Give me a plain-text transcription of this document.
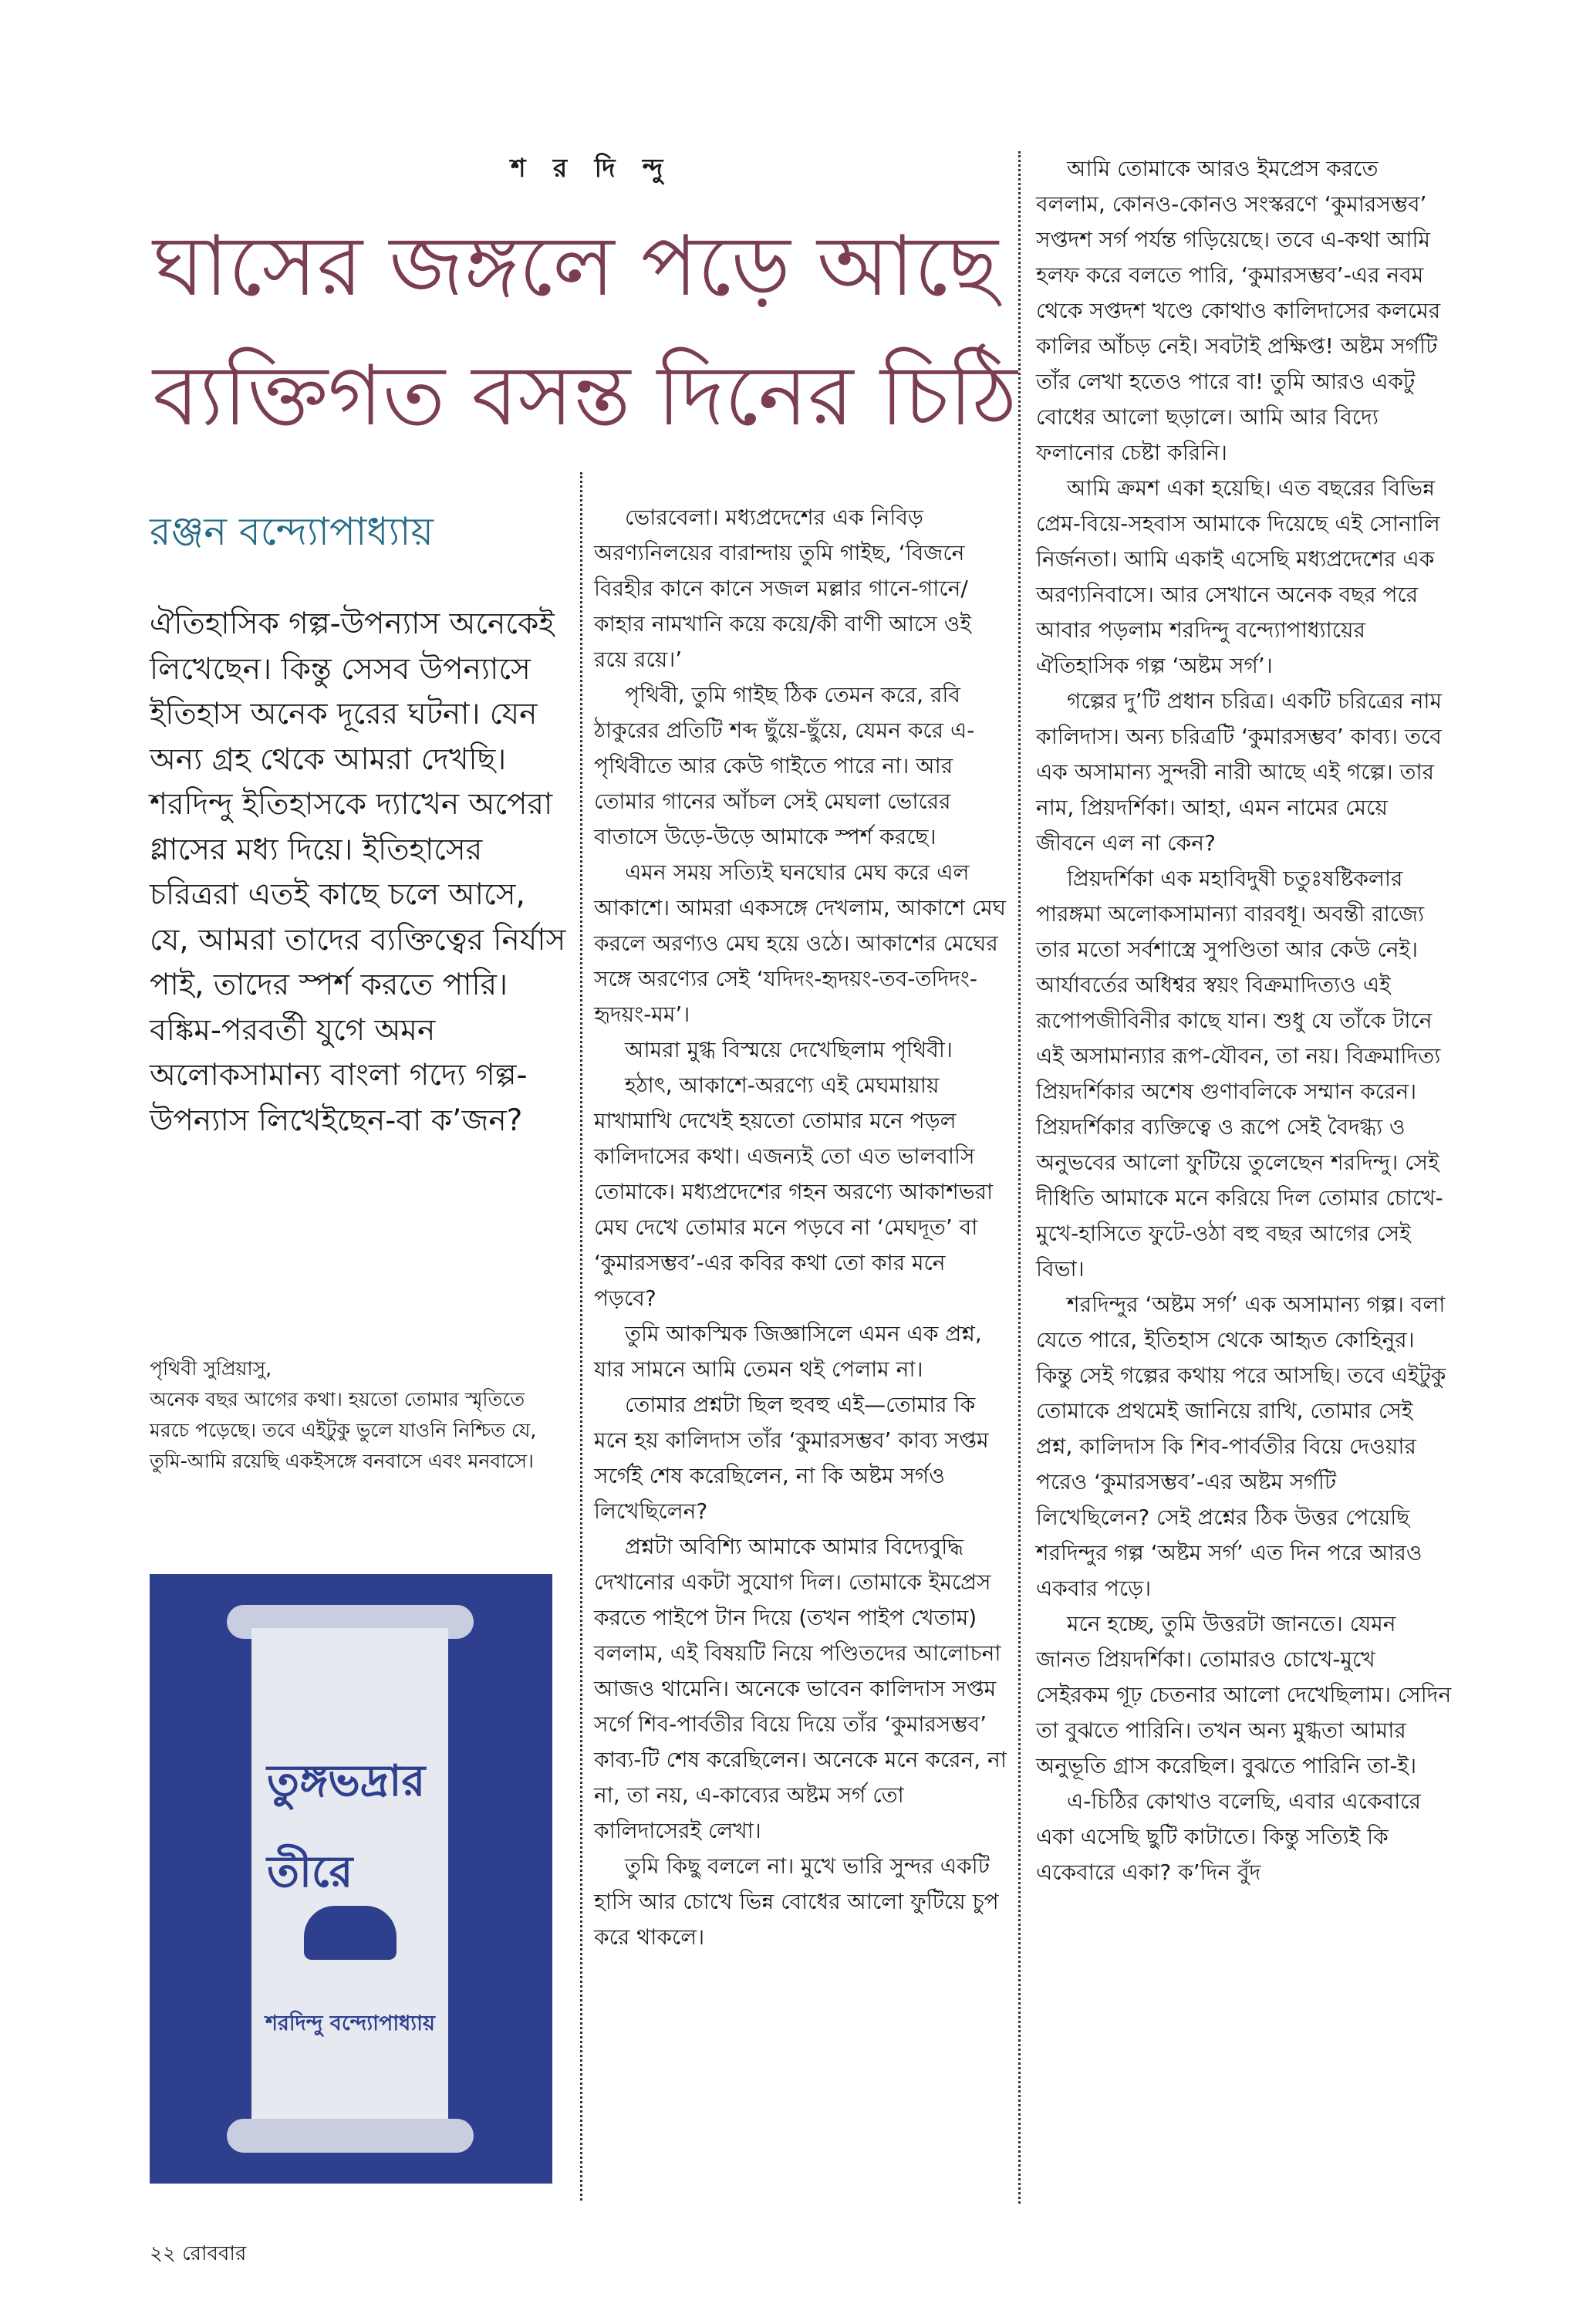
শ র দি ন্দু
ঘাসের জঙ্গলে পড়ে আছে
ব্যক্তিগত বসন্ত দিনের চিঠি
রঞ্জন বন্দ্যোপাধ্যায়

ঐতিহাসিক গল্প-উপন্যাস অনেকেই লিখেছেন। কিন্তু সেসব উপন্যাসে ইতিহাস অনেক দূরের ঘটনা। যেন অন্য গ্রহ থেকে আমরা দেখছি। শরদিন্দু ইতিহাসকে দ্যাখেন অপেরা গ্লাসের মধ্য দিয়ে। ইতিহাসের চরিত্ররা এতই কাছে চলে আসে, যে, আমরা তাদের ব্যক্তিত্বের নির্যাস পাই, তাদের স্পর্শ করতে পারি। বঙ্কিম-পরবর্তী যুগে অমন অলোকসামান্য বাংলা গদ্যে গল্প-উপন্যাস লিখেইছেন-বা ক’জন?

পৃথিবী সুপ্রিয়াসু,

অনেক বছর আগের কথা। হয়তো তোমার স্মৃতিতে মরচে পড়েছে। তবে এইটুকু ভুলে যাওনি নিশ্চিত যে, তুমি-আমি রয়েছি একইসঙ্গে বনবাসে এবং মনবাসে।

তুঙ্গভদ্রার তীরে
শরদিন্দু বন্দ্যোপাধ্যায়

ভোরবেলা। মধ্যপ্রদেশের এক নিবিড় অরণ্যনিলয়ের বারান্দায় তুমি গাইছ, ‘বিজনে বিরহীর কানে কানে সজল মল্লার গানে-গানে/কাহার নামখানি কয়ে কয়ে/কী বাণী আসে ওই রয়ে রয়ে।’

পৃথিবী, তুমি গাইছ ঠিক তেমন করে, রবি ঠাকুরের প্রতিটি শব্দ ছুঁয়ে-ছুঁয়ে, যেমন করে এ-পৃথিবীতে আর কেউ গাইতে পারে না। আর তোমার গানের আঁচল সেই মেঘলা ভোরের বাতাসে উড়ে-উড়ে আমাকে স্পর্শ করছে।

এমন সময় সত্যিই ঘনঘোর মেঘ করে এল আকাশে। আমরা একসঙ্গে দেখলাম, আকাশে মেঘ করলে অরণ্যও মেঘ হয়ে ওঠে। আকাশের মেঘের সঙ্গে অরণ্যের সেই ‘যদিদং-হৃদয়ং-তব-তদিদং-হৃদয়ং-মম’।

আমরা মুগ্ধ বিস্ময়ে দেখেছিলাম পৃথিবী।

হঠাৎ, আকাশে-অরণ্যে এই মেঘমায়ায় মাখামাখি দেখেই হয়তো তোমার মনে পড়ল কালিদাসের কথা। এজন্যই তো এত ভালবাসি তোমাকে। মধ্যপ্রদেশের গহন অরণ্যে আকাশভরা মেঘ দেখে তোমার মনে পড়বে না ‘মেঘদূত’ বা ‘কুমারসম্ভব’-এর কবির কথা তো কার মনে পড়বে?

তুমি আকস্মিক জিজ্ঞাসিলে এমন এক প্রশ্ন, যার সামনে আমি তেমন থই পেলাম না।

তোমার প্রশ্নটা ছিল হুবহু এই—তোমার কি মনে হয় কালিদাস তাঁর ‘কুমারসম্ভব’ কাব্য সপ্তম সর্গেই শেষ করেছিলেন, না কি অষ্টম সর্গও লিখেছিলেন?

প্রশ্নটা অবিশ্যি আমাকে আমার বিদ্যেবুদ্ধি দেখানোর একটা সুযোগ দিল। তোমাকে ইমপ্রেস করতে পাইপে টান দিয়ে (তখন পাইপ খেতাম) বললাম, এই বিষয়টি নিয়ে পণ্ডিতদের আলোচনা আজও থামেনি। অনেকে ভাবেন কালিদাস সপ্তম সর্গে শিব-পার্বতীর বিয়ে দিয়ে তাঁর ‘কুমারসম্ভব’ কাব্য-টি শেষ করেছিলেন। অনেকে মনে করেন, না না, তা নয়, এ-কাব্যের অষ্টম সর্গ তো কালিদাসেরই লেখা।

তুমি কিছু বললে না। মুখে ভারি সুন্দর একটি হাসি আর চোখে ভিন্ন বোধের আলো ফুটিয়ে চুপ করে থাকলে।

আমি তোমাকে আরও ইমপ্রেস করতে বললাম, কোনও-কোনও সংস্করণে ‘কুমারসম্ভব’ সপ্তদশ সর্গ পর্যন্ত গড়িয়েছে। তবে এ-কথা আমি হলফ করে বলতে পারি, ‘কুমারসম্ভব’-এর নবম থেকে সপ্তদশ খণ্ডে কোথাও কালিদাসের কলমের কালির আঁচড় নেই। সবটাই প্রক্ষিপ্ত! অষ্টম সর্গটি তাঁর লেখা হতেও পারে বা! তুমি আরও একটু বোধের আলো ছড়ালে। আমি আর বিদ্যে ফলানোর চেষ্টা করিনি।

আমি ক্রমশ একা হয়েছি। এত বছরের বিভিন্ন প্রেম-বিয়ে-সহবাস আমাকে দিয়েছে এই সোনালি নির্জনতা। আমি একাই এসেছি মধ্যপ্রদেশের এক অরণ্যনিবাসে। আর সেখানে অনেক বছর পরে আবার পড়লাম শরদিন্দু বন্দ্যোপাধ্যায়ের ঐতিহাসিক গল্প ‘অষ্টম সর্গ’।

গল্পের দু’টি প্রধান চরিত্র। একটি চরিত্রের নাম কালিদাস। অন্য চরিত্রটি ‘কুমারসম্ভব’ কাব্য। তবে এক অসামান্য সুন্দরী নারী আছে এই গল্পে। তার নাম, প্রিয়দর্শিকা। আহা, এমন নামের মেয়ে জীবনে এল না কেন?

প্রিয়দর্শিকা এক মহাবিদুষী চতুঃষষ্টিকলার পারঙ্গমা অলোকসামান্যা বারবধূ। অবন্তী রাজ্যে তার মতো সর্বশাস্ত্রে সুপণ্ডিতা আর কেউ নেই। আর্যাবর্তের অধিশ্বর স্বয়ং বিক্রমাদিত্যও এই রূপোপজীবিনীর কাছে যান। শুধু যে তাঁকে টানে এই অসামান্যার রূপ-যৌবন, তা নয়। বিক্রমাদিত্য প্রিয়দর্শিকার অশেষ গুণাবলিকে সম্মান করেন। প্রিয়দর্শিকার ব্যক্তিত্বে ও রূপে সেই বৈদগ্ধ্য ও অনুভবের আলো ফুটিয়ে তুলেছেন শরদিন্দু। সেই দীধিতি আমাকে মনে করিয়ে দিল তোমার চোখে-মুখে-হাসিতে ফুটে-ওঠা বহু বছর আগের সেই বিভা।

শরদিন্দুর ‘অষ্টম সর্গ’ এক অসামান্য গল্প। বলা যেতে পারে, ইতিহাস থেকে আহৃত কোহিনুর। কিন্তু সেই গল্পের কথায় পরে আসছি। তবে এইটুকু তোমাকে প্রথমেই জানিয়ে রাখি, তোমার সেই প্রশ্ন, কালিদাস কি শিব-পার্বতীর বিয়ে দেওয়ার পরেও ‘কুমারসম্ভব’-এর অষ্টম সর্গটি লিখেছিলেন? সেই প্রশ্নের ঠিক উত্তর পেয়েছি শরদিন্দুর গল্প ‘অষ্টম সর্গ’ এত দিন পরে আরও একবার পড়ে।

মনে হচ্ছে, তুমি উত্তরটা জানতে। যেমন জানত প্রিয়দর্শিকা। তোমারও চোখে-মুখে সেইরকম গূঢ় চেতনার আলো দেখেছিলাম। সেদিন তা বুঝতে পারিনি। তখন অন্য মুগ্ধতা আমার অনুভূতি গ্রাস করেছিল। বুঝতে পারিনি তা-ই।

এ-চিঠির কোথাও বলেছি, এবার একেবারে একা এসেছি ছুটি কাটাতে। কিন্তু সত্যিই কি একেবারে একা? ক’দিন বুঁদ

২২ রোববার
